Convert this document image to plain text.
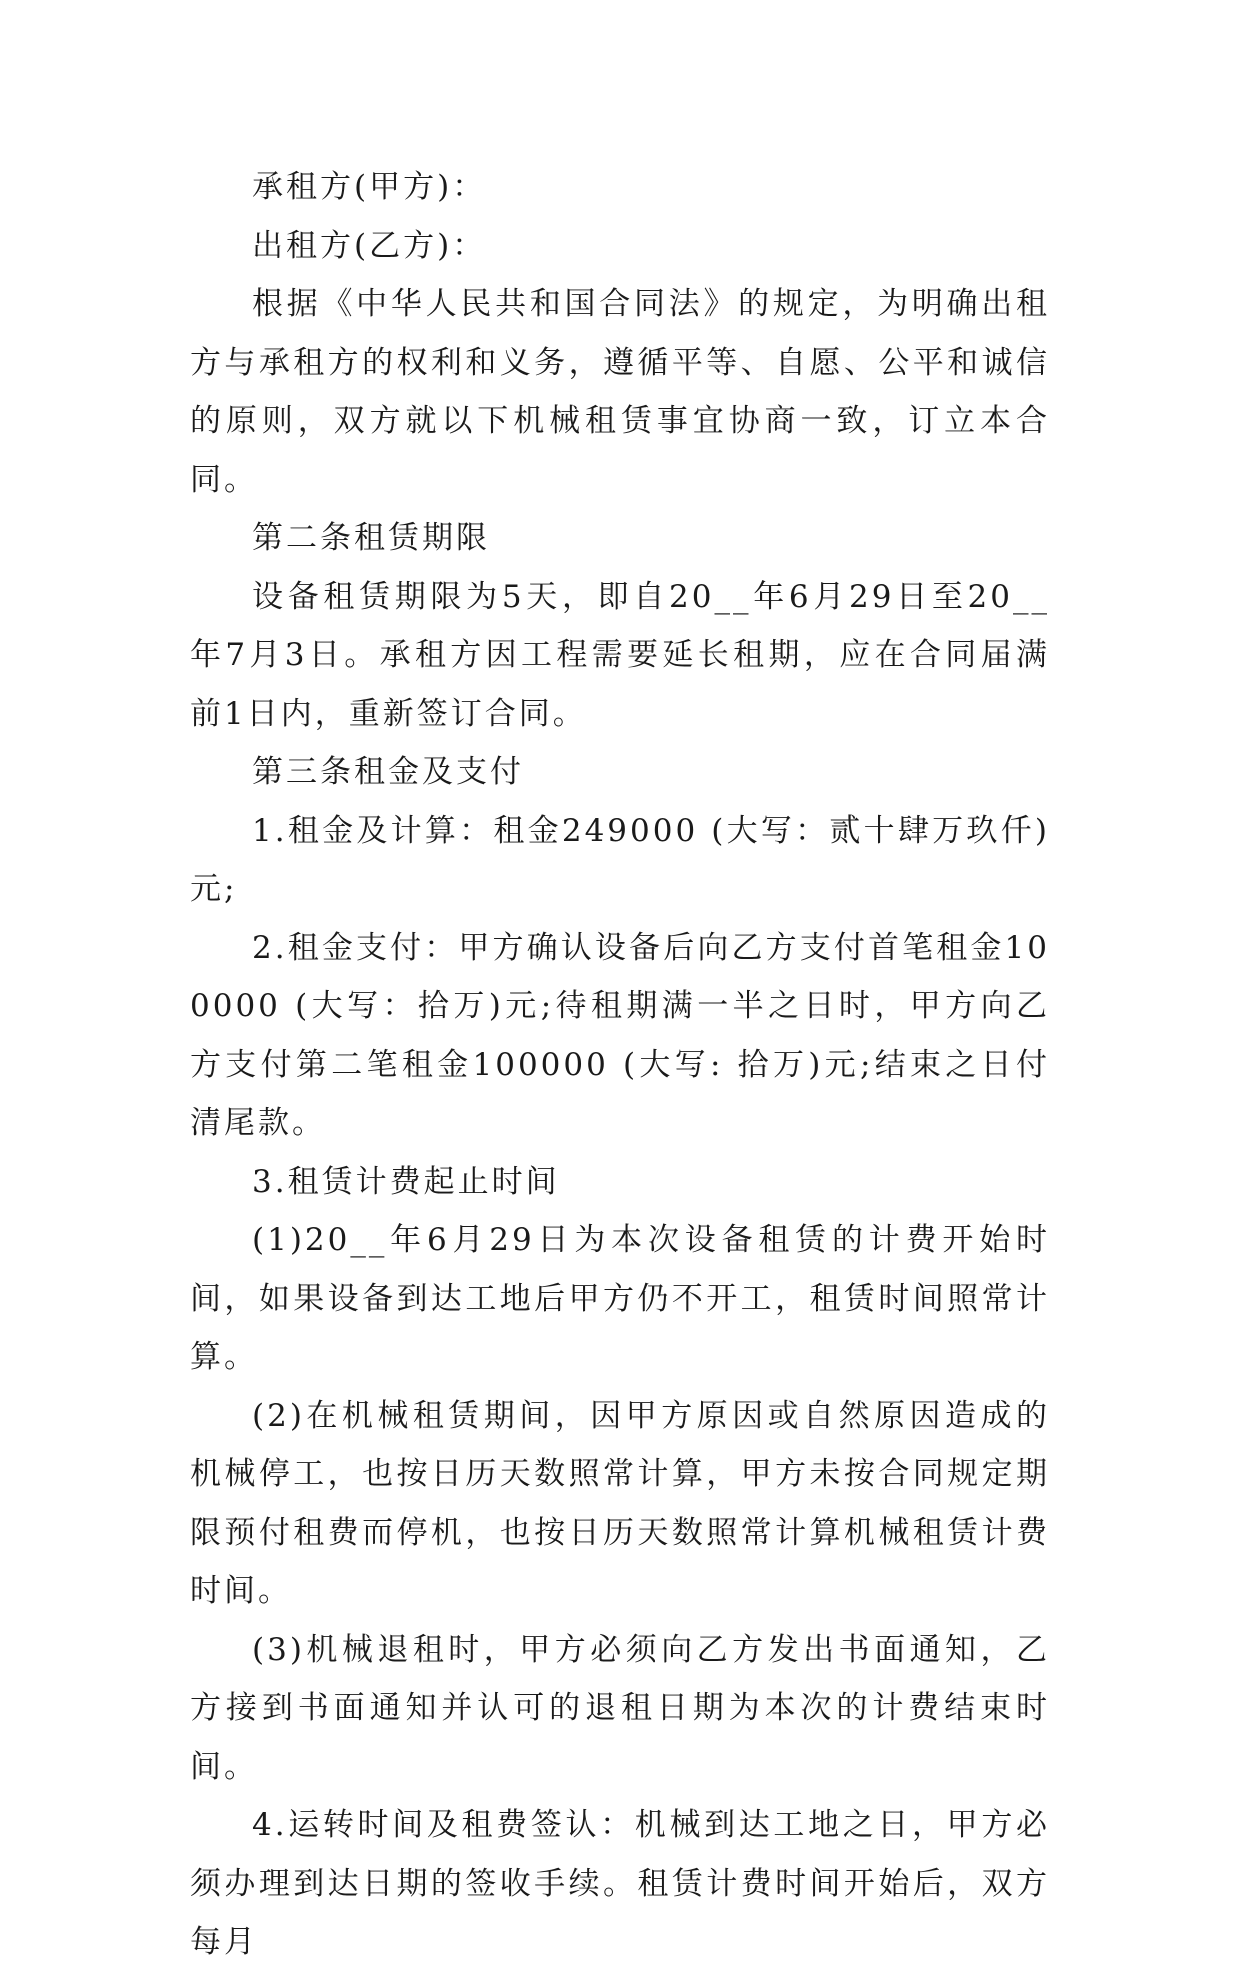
承租方(甲方)：

出租方(乙方)：

根据《中华人民共和国合同法》的规定，为明确出租方与承租方的权利和义务，遵循平等、自愿、公平和诚信的原则，双方就以下机械租赁事宜协商一致，订立本合同。

第二条租赁期限

设备租赁期限为5天，即自20__年6月29日至20__年7月3日。承租方因工程需要延长租期，应在合同届满前1日内，重新签订合同。

第三条租金及支付

1.租金及计算：租金249000 (大写：贰十肆万玖仟)元;

2.租金支付：甲方确认设备后向乙方支付首笔租金100000 (大写：拾万)元;待租期满一半之日时，甲方向乙方支付第二笔租金100000 (大写: 拾万)元;结束之日付清尾款。

3.租赁计费起止时间

(1)20__年6月29日为本次设备租赁的计费开始时间，如果设备到达工地后甲方仍不开工，租赁时间照常计算。

(2)在机械租赁期间，因甲方原因或自然原因造成的机械停工，也按日历天数照常计算，甲方未按合同规定期限预付租费而停机，也按日历天数照常计算机械租赁计费时间。

(3)机械退租时，甲方必须向乙方发出书面通知，乙方接到书面通知并认可的退租日期为本次的计费结束时间。

4.运转时间及租费签认：机械到达工地之日，甲方必须办理到达日期的签收手续。租赁计费时间开始后，双方每月
